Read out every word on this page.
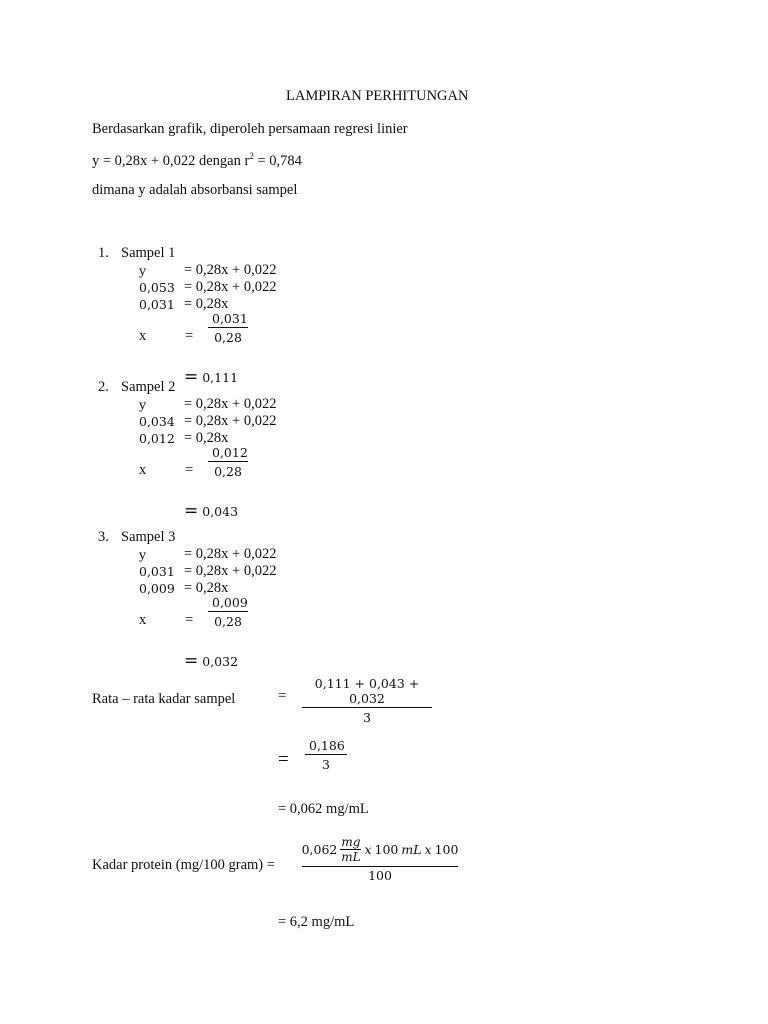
LAMPIRAN PERHITUNGAN
Berdasarkan grafik, diperoleh persamaan regresi linier
y = 0,28x + 0,022 dengan $r^2 = 0,784$
dimana y adalah absorbansi sampel
1. Sampel 1
y	= 0,28x + 0,022
0,053 = 0,28x + 0,022
0,031 = 0,28x
x	=
0,031
0,28
= 0,111
2. Sampel 2
y	= 0,28x + 0,022
0,034 = 0,28x + 0,022
0,012 = 0,28x
x	=
0,012
0,28
= 0,043
3. Sampel 3
y	= 0,28x + 0,022
0,031 = 0,28x + 0,022
0,009 = 0,28x
x	=
0,009
0,28
= 0,032
Rata – rata kadar sampel	=
0,111 + 0,043 + 0,032
3
=
0,186
3
= 0,062 mg/mL
Kadar protein (mg/100 gram) =
$0,062 \frac{mg}{mL}$ x 100 mL x 100
100
= 6,2 mg/mL
